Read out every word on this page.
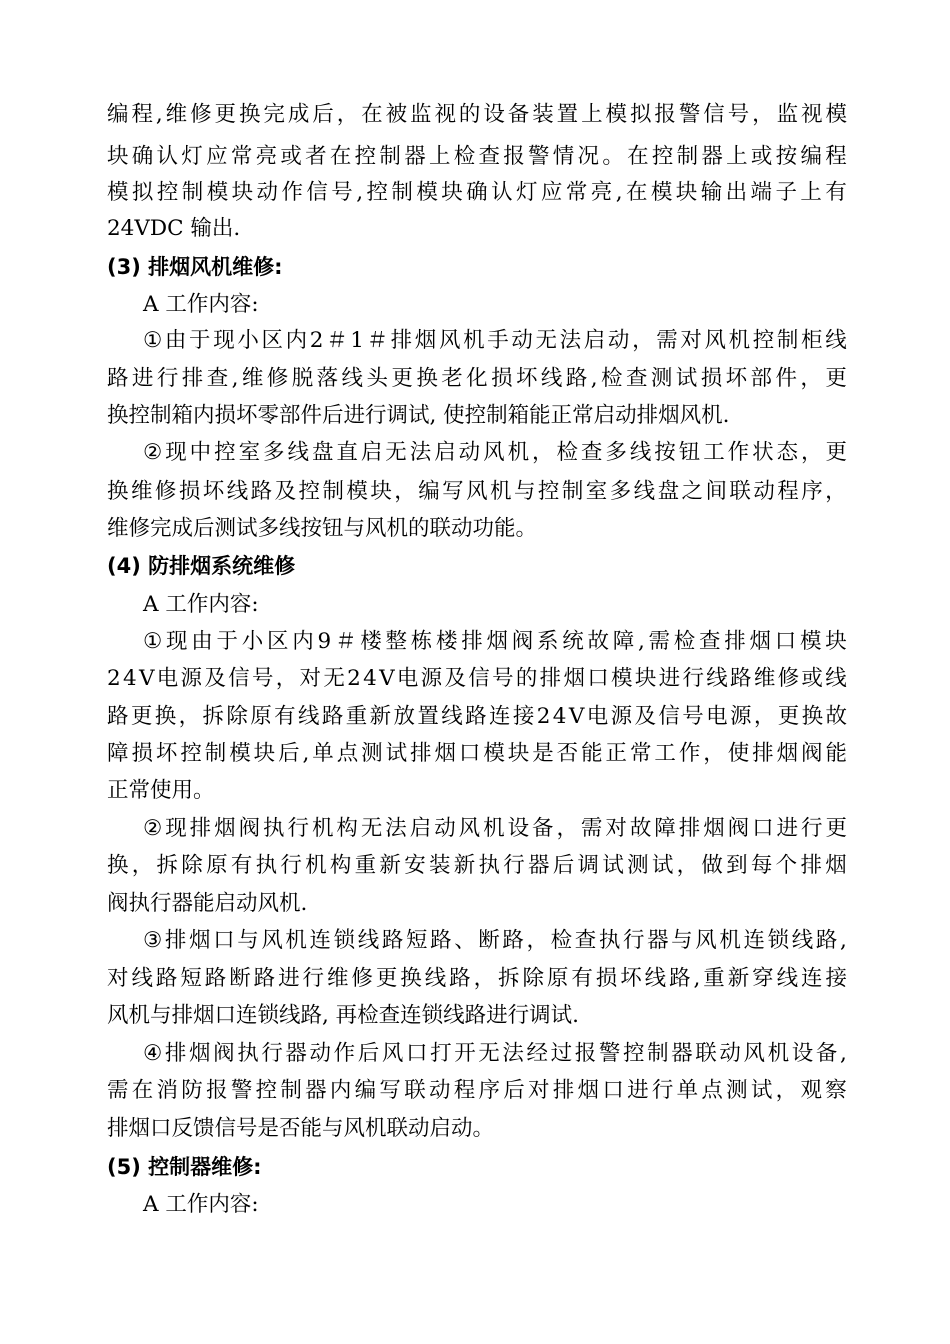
编 程 , 维 修 更 换 完 成 后 ， 在 被 监 视 的 设 备 装 置 上 模 拟 报 警 信 号 ， 监 视 模
块 确 认 灯 应 常 亮 或 者 在 控 制 器 上 检 查 报 警 情 况 。 在 控 制 器 上 或 按 编 程
模 拟 控 制 模 块 动 作 信 号 , 控 制 模 块 确 认 灯 应 常 亮 , 在 模 块 输 出 端 子 上 有
24VDC 输出.
(3) 排烟风机维修:
A 工作内容:
① 由 于 现 小 区 内 2 ＃ 1 ＃ 排 烟 风 机 手 动 无 法 启 动 ， 需 对 风 机 控 制 柜 线
路 进 行 排 查 , 维 修 脱 落 线 头 更 换 老 化 损 坏 线 路 , 检 查 测 试 损 坏 部 件 ， 更
换控制箱内损坏零部件后进行调试, 使控制箱能正常启动排烟风机.
② 现 中 控 室 多 线 盘 直 启 无 法 启 动 风 机 ， 检 查 多 线 按 钮 工 作 状 态 ， 更
换 维 修 损 坏 线 路 及 控 制 模 块 ， 编 写 风 机 与 控 制 室 多 线 盘 之 间 联 动 程 序 ，
维修完成后测试多线按钮与风机的联动功能。
(4) 防排烟系统维修
A 工作内容:
① 现 由 于 小 区 内 9 ＃ 楼 整 栋 楼 排 烟 阀 系 统 故 障 , 需 检 查 排 烟 口 模 块
2 4 V 电 源 及 信 号 ， 对 无 2 4 V 电 源 及 信 号 的 排 烟 口 模 块 进 行 线 路 维 修 或 线
路 更 换 ， 拆 除 原 有 线 路 重 新 放 置 线 路 连 接 2 4 V 电 源 及 信 号 电 源 ， 更 换 故
障 损 坏 控 制 模 块 后 , 单 点 测 试 排 烟 口 模 块 是 否 能 正 常 工 作 ， 使 排 烟 阀 能
正常使用。
② 现 排 烟 阀 执 行 机 构 无 法 启 动 风 机 设 备 ， 需 对 故 障 排 烟 阀 口 进 行 更
换 ， 拆 除 原 有 执 行 机 构 重 新 安 装 新 执 行 器 后 调 试 测 试 ， 做 到 每 个 排 烟
阀执行器能启动风机.
③ 排 烟 口 与 风 机 连 锁 线 路 短 路 、 断 路 ， 检 查 执 行 器 与 风 机 连 锁 线 路 ,
对 线 路 短 路 断 路 进 行 维 修 更 换 线 路 ， 拆 除 原 有 损 坏 线 路 , 重 新 穿 线 连 接
风机与排烟口连锁线路, 再检查连锁线路进行调试.
④ 排 烟 阀 执 行 器 动 作 后 风 口 打 开 无 法 经 过 报 警 控 制 器 联 动 风 机 设 备 ,
需 在 消 防 报 警 控 制 器 内 编 写 联 动 程 序 后 对 排 烟 口 进 行 单 点 测 试 ， 观 察
排烟口反馈信号是否能与风机联动启动。
(5) 控制器维修:
A 工作内容:
